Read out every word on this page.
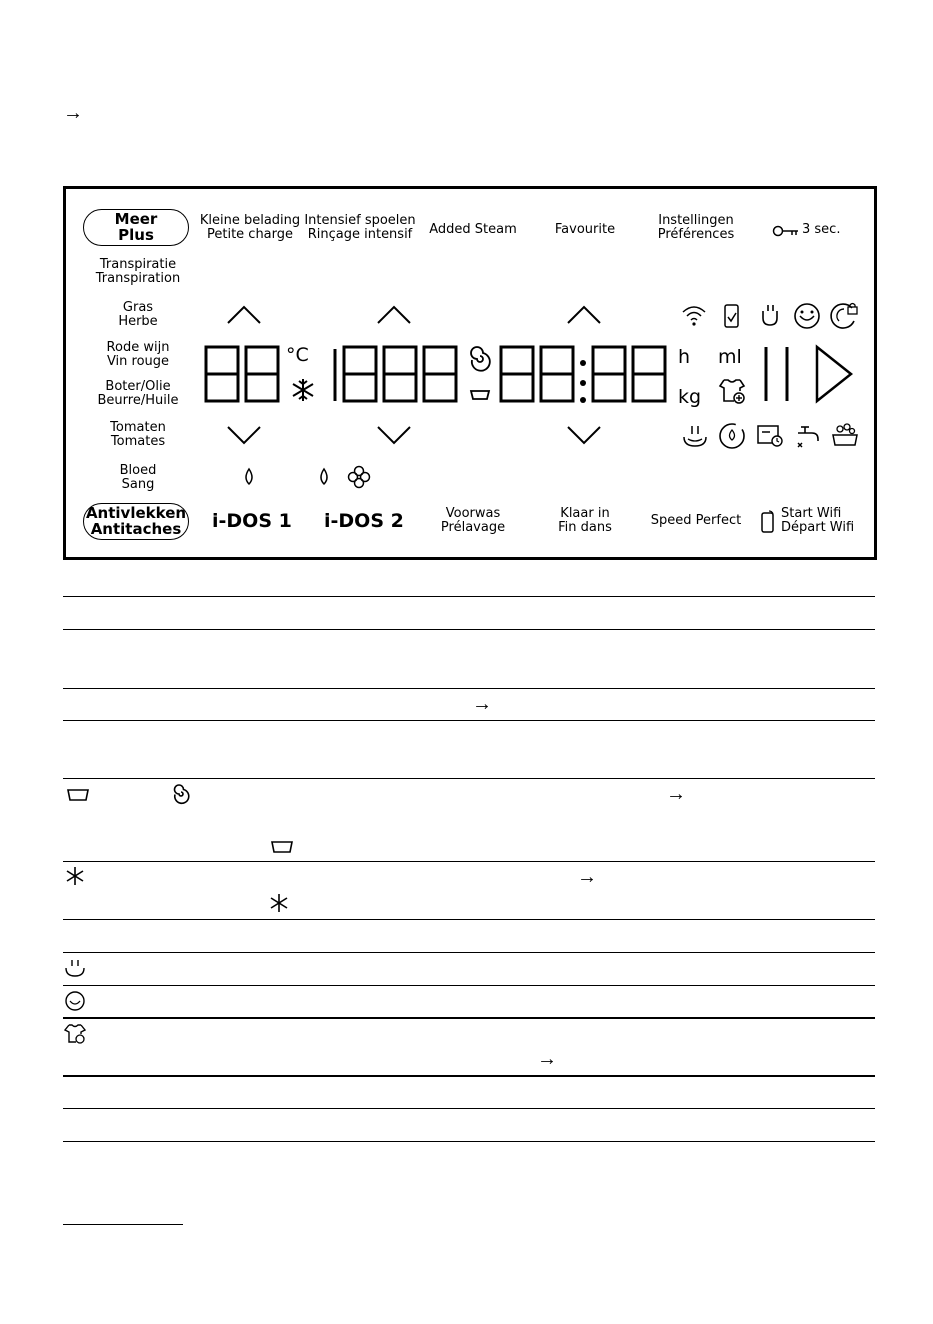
→
Meer
Plus
Kleine belading
Petite charge
Intensief spoelen
Rinçage intensif	Added Steam	Favourite
Instellingen
Préférences	3 sec.
Transpiratie
Transpiration
Gras
Herbe
Rode wijn
Vin rouge
Boter/Olie
Beurre/Huile
Tomaten
Tomates
Bloed
Sang
Antivlekken
Antitaches	i-DOS 1 i-DOS 2	Voorwas
Prélavage
Klaar in
Fin dans	Speed Perfect	Start Wifi
Départ Wifi
°C	h ml
kg
→
→
→
→
